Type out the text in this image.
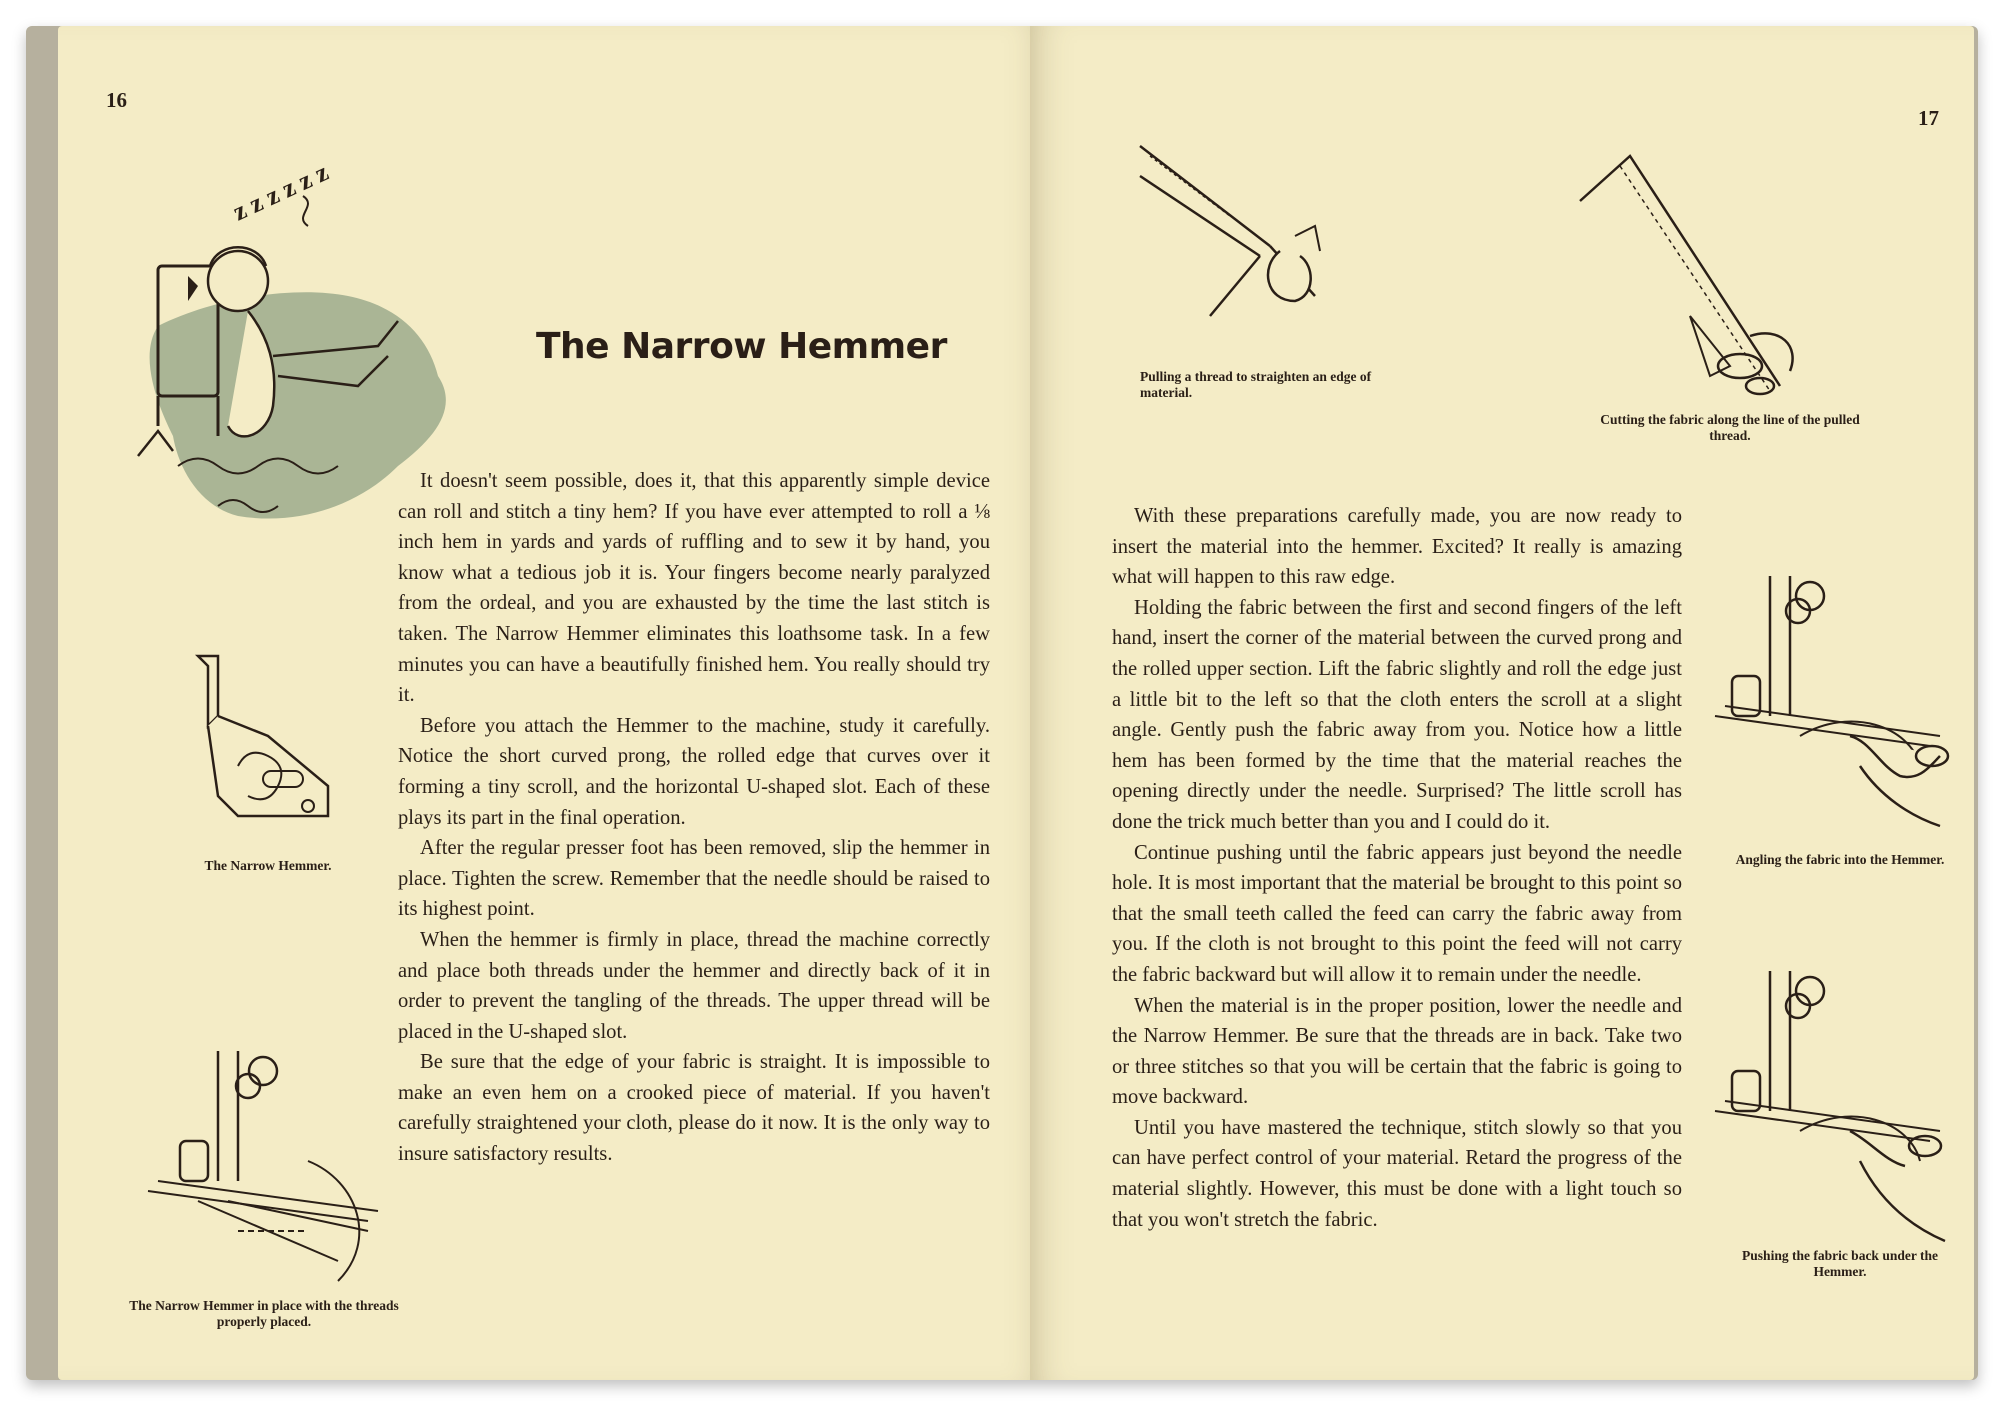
16
z z z z z z
The Narrow Hemmer.
The Narrow Hemmer in place with the threads properly placed.
The Narrow Hemmer

It doesn't seem possible, does it, that this apparently simple device can roll and stitch a tiny hem? If you have ever attempted to roll a ⅛ inch hem in yards and yards of ruffling and to sew it by hand, you know what a tedious job it is. Your fingers become nearly paralyzed from the ordeal, and you are exhausted by the time the last stitch is taken. The Narrow Hemmer eliminates this loathsome task. In a few minutes you can have a beautifully finished hem. You really should try it.

Before you attach the Hemmer to the machine, study it carefully. Notice the short curved prong, the rolled edge that curves over it forming a tiny scroll, and the horizontal U-shaped slot. Each of these plays its part in the final operation.

After the regular presser foot has been removed, slip the hemmer in place. Tighten the screw. Remember that the needle should be raised to its highest point.

When the hemmer is firmly in place, thread the machine correctly and place both threads under the hemmer and directly back of it in order to prevent the tangling of the threads. The upper thread will be placed in the U-shaped slot.

Be sure that the edge of your fabric is straight. It is impossible to make an even hem on a crooked piece of material. If you haven't carefully straightened your cloth, please do it now. It is the only way to insure satisfactory results.

17
Pulling a thread to straighten an edge of material.
Cutting the fabric along the line of the pulled thread.

With these preparations carefully made, you are now ready to insert the material into the hemmer. Excited? It really is amazing what will happen to this raw edge.

Holding the fabric between the first and second fingers of the left hand, insert the corner of the material between the curved prong and the rolled upper section. Lift the fabric slightly and roll the edge just a little bit to the left so that the cloth enters the scroll at a slight angle. Gently push the fabric away from you. Notice how a little hem has been formed by the time that the material reaches the opening directly under the needle. Surprised? The little scroll has done the trick much better than you and I could do it.

Continue pushing until the fabric appears just beyond the needle hole. It is most important that the material be brought to this point so that the small teeth called the feed can carry the fabric away from you. If the cloth is not brought to this point the feed will not carry the fabric backward but will allow it to remain under the needle.

When the material is in the proper position, lower the needle and the Narrow Hemmer. Be sure that the threads are in back. Take two or three stitches so that you will be certain that the fabric is going to move backward.

Until you have mastered the technique, stitch slowly so that you can have perfect control of your material. Retard the progress of the material slightly. However, this must be done with a light touch so that you won't stretch the fabric.

Angling the fabric into the Hemmer.
Pushing the fabric back under the Hemmer.
